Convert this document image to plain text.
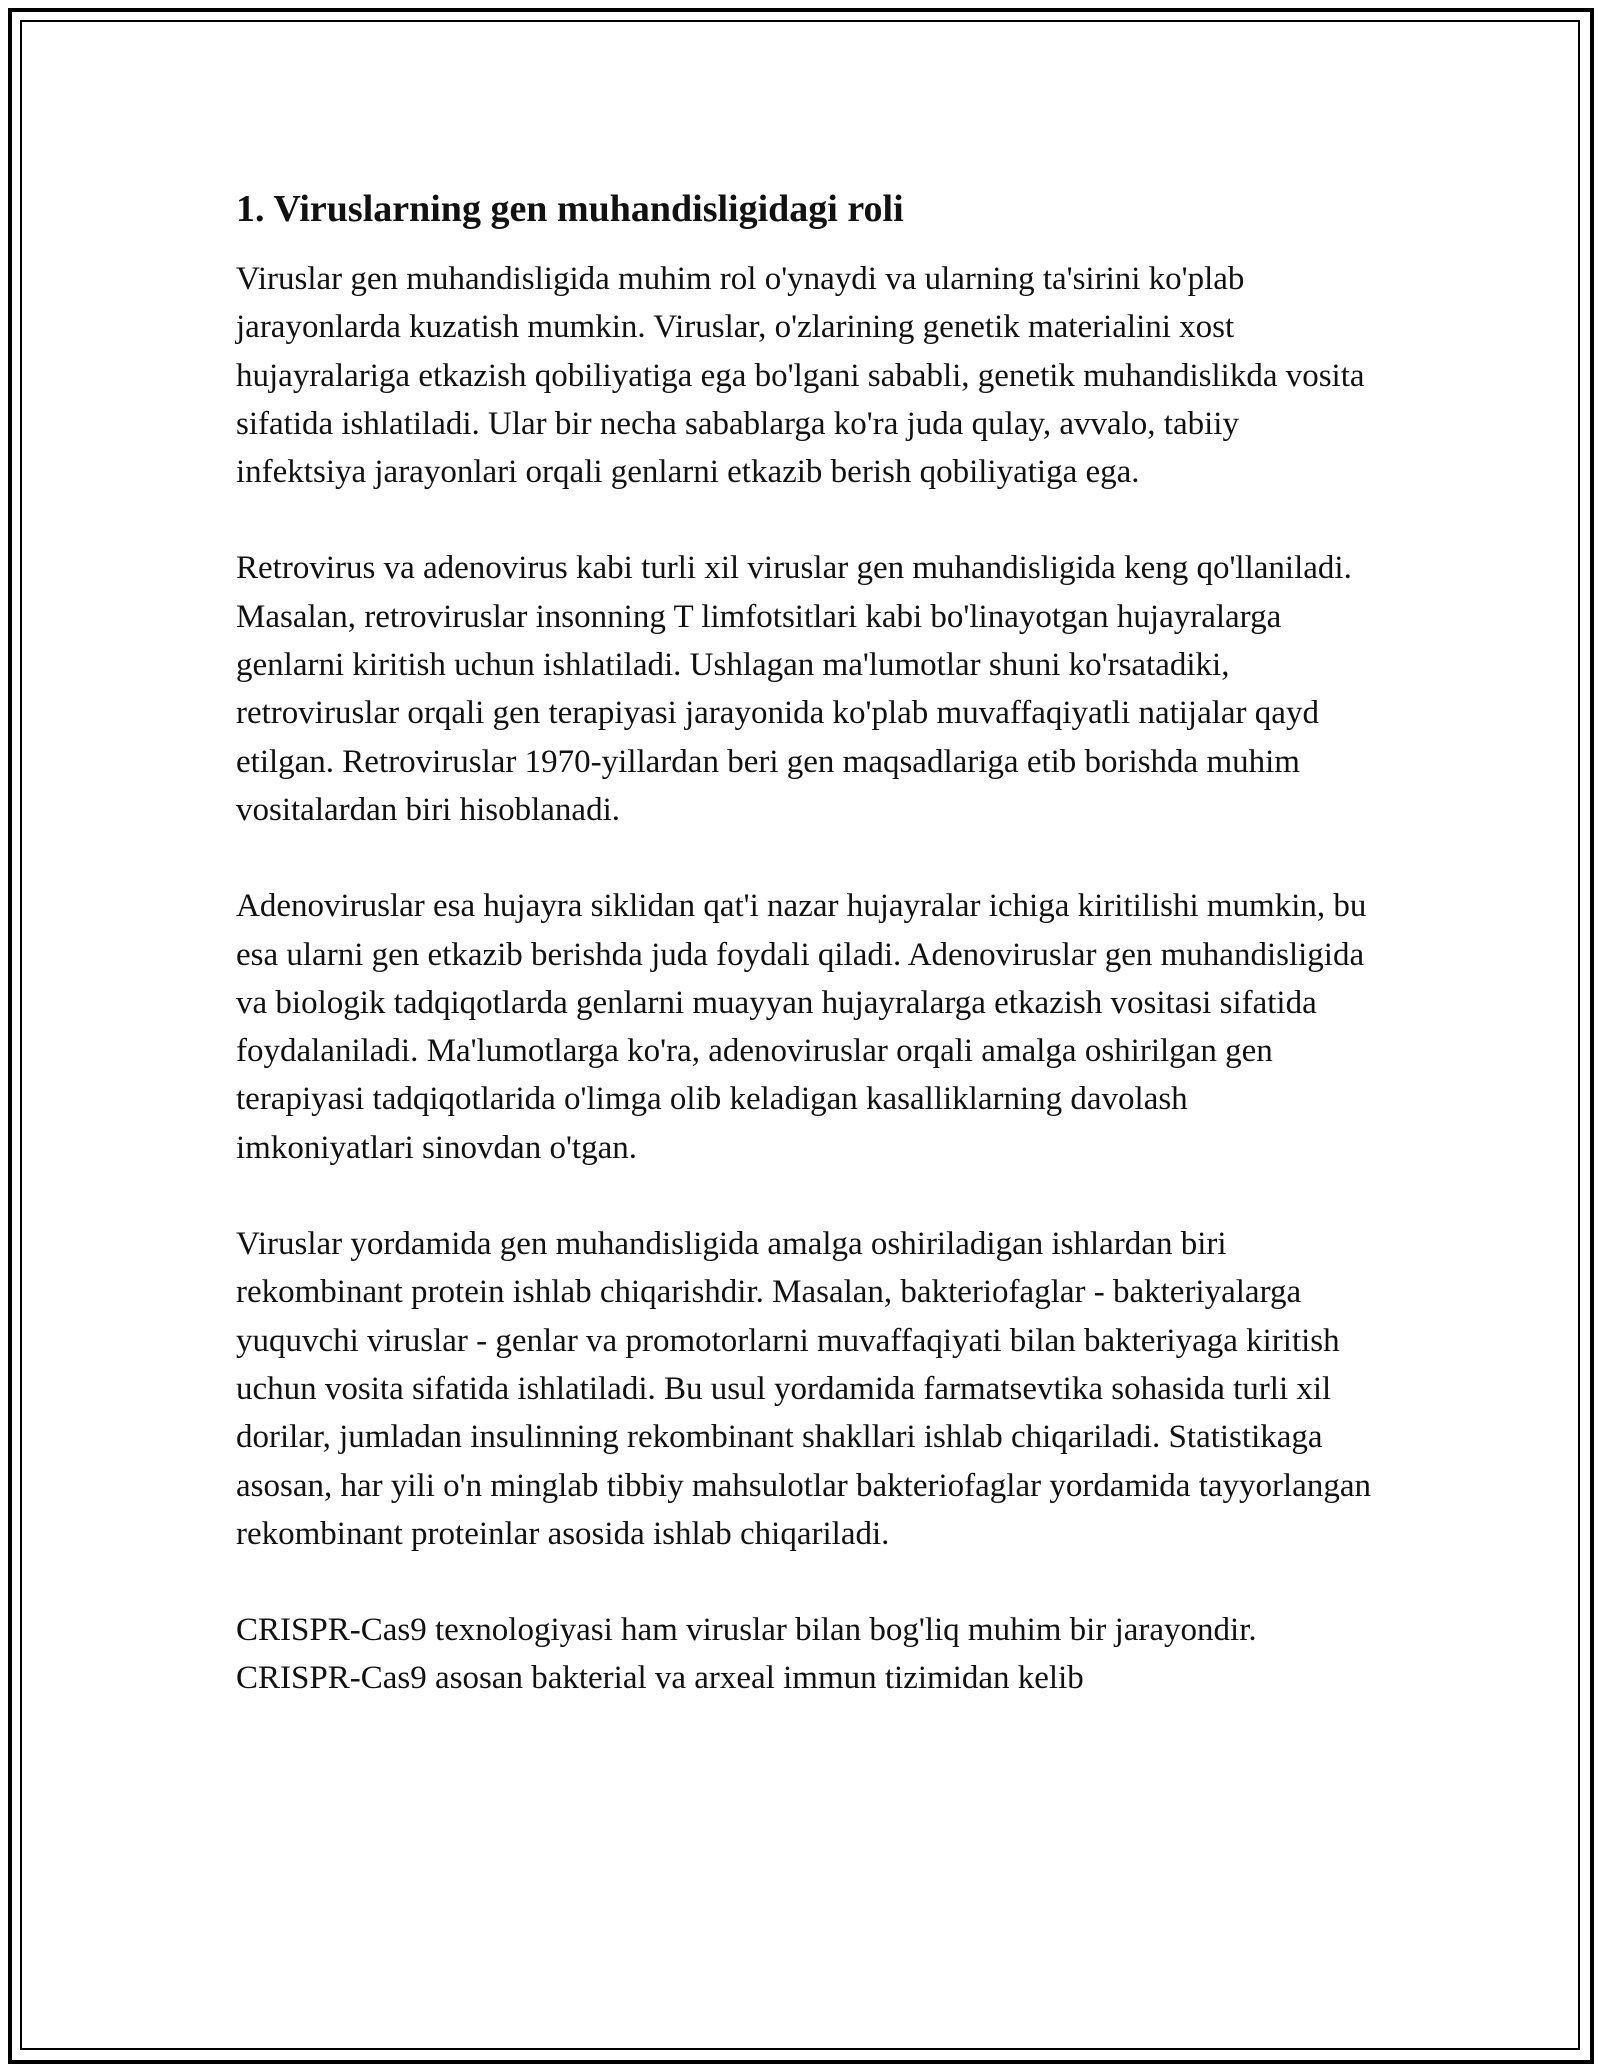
1. Viruslarning gen muhandisligidagi roli

Viruslar gen muhandisligida muhim rol o'ynaydi va ularning ta'sirini ko'plab jarayonlarda kuzatish mumkin. Viruslar, o'zlarining genetik materialini xost hujayralariga etkazish qobiliyatiga ega bo'lgani sababli, genetik muhandislikda vosita sifatida ishlatiladi. Ular bir necha sabablarga ko'ra juda qulay, avvalo, tabiiy infektsiya jarayonlari orqali genlarni etkazib berish qobiliyatiga ega.

Retrovirus va adenovirus kabi turli xil viruslar gen muhandisligida keng qo'llaniladi. Masalan, retroviruslar insonning T limfotsitlari kabi bo'linayotgan hujayralarga genlarni kiritish uchun ishlatiladi. Ushlagan ma'lumotlar shuni ko'rsatadiki, retroviruslar orqali gen terapiyasi jarayonida ko'plab muvaffaqiyatli natijalar qayd etilgan. Retroviruslar 1970-yillardan beri gen maqsadlariga etib borishda muhim vositalardan biri hisoblanadi.

Adenoviruslar esa hujayra siklidan qat'i nazar hujayralar ichiga kiritilishi mumkin, bu esa ularni gen etkazib berishda juda foydali qiladi. Adenoviruslar gen muhandisligida va biologik tadqiqotlarda genlarni muayyan hujayralarga etkazish vositasi sifatida foydalaniladi. Ma'lumotlarga ko'ra, adenoviruslar orqali amalga oshirilgan gen terapiyasi tadqiqotlarida o'limga olib keladigan kasalliklarning davolash imkoniyatlari sinovdan o'tgan.

Viruslar yordamida gen muhandisligida amalga oshiriladigan ishlardan biri rekombinant protein ishlab chiqarishdir. Masalan, bakteriofaglar - bakteriyalarga yuquvchi viruslar - genlar va promotorlarni muvaffaqiyati bilan bakteriyaga kiritish uchun vosita sifatida ishlatiladi. Bu usul yordamida farmatsevtika sohasida turli xil dorilar, jumladan insulinning rekombinant shakllari ishlab chiqariladi. Statistikaga asosan, har yili o'n minglab tibbiy mahsulotlar bakteriofaglar yordamida tayyorlangan rekombinant proteinlar asosida ishlab chiqariladi.

CRISPR-Cas9 texnologiyasi ham viruslar bilan bog'liq muhim bir jarayondir. CRISPR-Cas9 asosan bakterial va arxeal immun tizimidan kelib
